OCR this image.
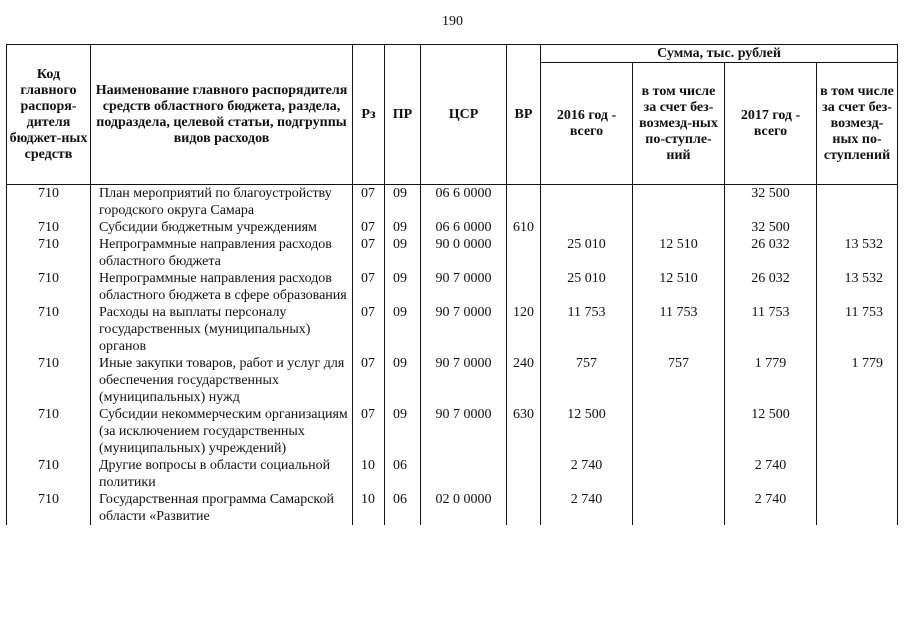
190
Код главного распоря-дителя бюджет-ных средств	Наименование главного распорядителя средств областного бюджета, раздела, подраздела, целевой статьи, подгруппы видов расходов	Рз	ПР	ЦСР	ВР	Сумма, тыс. рублей			
						2016 год - всего	в том числе за счет без-возмезд-ных по-ступле-ний	2017 год - всего	в том числе за счет без-возмезд-ных по-ступлений
710	План мероприятий по благоустройству городского округа Самара	07	09	06 6 0000				32 500	
710	Субсидии бюджетным учреждениям	07	09	06 6 0000	610			32 500	
710	Непрограммные направления расходов областного бюджета	07	09	90 0 0000		25 010	12 510	26 032	13 532
710	Непрограммные направления расходов областного бюджета в сфере образования	07	09	90 7 0000		25 010	12 510	26 032	13 532
710	Расходы на выплаты персоналу государственных (муниципальных) органов	07	09	90 7 0000	120	11 753	11 753	11 753	11 753
710	Иные закупки товаров, работ и услуг для обеспечения государственных (муниципальных) нужд	07	09	90 7 0000	240	757	757	1 779	1 779
710	Субсидии некоммерческим организациям (за исключением государственных (муниципальных) учреждений)	07	09	90 7 0000	630	12 500		12 500	
710	Другие вопросы в области социальной политики	10	06			2 740		2 740	
710	Государственная программа Самарской области «Развитие	10	06	02 0 0000		2 740		2 740	
